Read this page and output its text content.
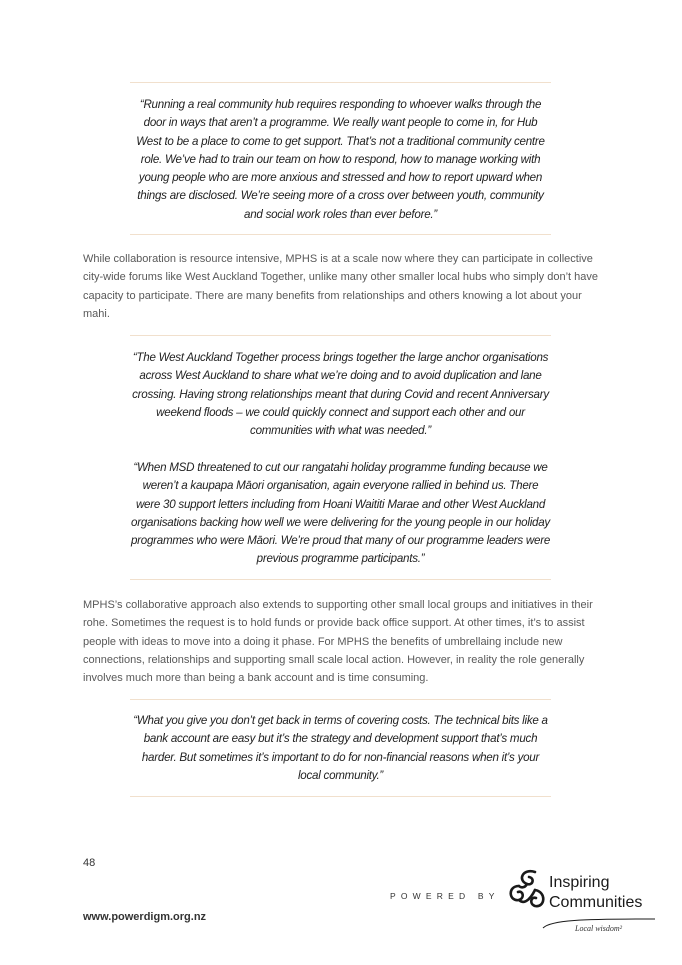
“Running a real community hub requires responding to whoever walks through the door in ways that aren’t a programme. We really want people to come in, for Hub West to be a place to come to get support. That’s not a traditional community centre role. We’ve had to train our team on how to respond, how to manage working with young people who are more anxious and stressed and how to report upward when things are disclosed. We’re seeing more of a cross over between youth, community and social work roles than ever before.”
While collaboration is resource intensive, MPHS is at a scale now where they can participate in collective city-wide forums like West Auckland Together, unlike many other smaller local hubs who simply don’t have capacity to participate. There are many benefits from relationships and others knowing a lot about your mahi.
“The West Auckland Together process brings together the large anchor organisations across West Auckland to share what we’re doing and to avoid duplication and lane crossing. Having strong relationships meant that during Covid and recent Anniversary weekend floods – we could quickly connect and support each other and our communities with what was needed.”
“When MSD threatened to cut our rangatahi holiday programme funding because we weren’t a kaupapa Māori organisation, again everyone rallied in behind us. There were 30 support letters including from Hoani Waititi Marae and other West Auckland organisations backing how well we were delivering for the young people in our holiday programmes who were Māori. We’re proud that many of our programme leaders were previous programme participants.”
MPHS’s collaborative approach also extends to supporting other small local groups and initiatives in their rohe. Sometimes the request is to hold funds or provide back office support. At other times, it’s to assist people with ideas to move into a doing it phase. For MPHS the benefits of umbrellaing include new connections, relationships and supporting small scale local action. However, in reality the role generally involves much more than being a bank account and is time consuming.
“What you give you don’t get back in terms of covering costs. The technical bits like a bank account are easy but it’s the strategy and development support that’s much harder. But sometimes it’s important to do for non-financial reasons when it’s your local community.”
48
www.powerdigm.org.nz
POWERED BY
Inspiring
Communities
Local wisdom²
